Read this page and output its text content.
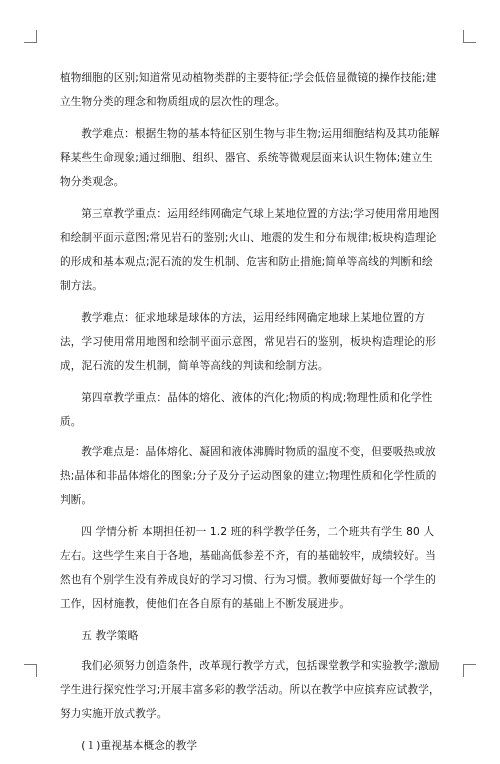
植物细胞的区别;知道常见动植物类群的主要特征;学会低倍显微镜的操作技能;建立生物分类的理念和物质组成的层次性的理念。

教学难点：根据生物的基本特征区别生物与非生物;运用细胞结构及其功能解释某些生命现象;通过细胞、组织、器官、系统等微观层面来认识生物体;建立生物分类观念。

第三章教学重点：运用经纬网确定气球上某地位置的方法;学习使用常用地图和绘制平面示意图;常见岩石的鉴别;火山、地震的发生和分布规律;板块构造理论的形成和基本观点;泥石流的发生机制、危害和防止措施;简单等高线的判断和绘制方法。

教学难点：征求地球是球体的方法，运用经纬网确定地球上某地位置的方法，学习使用常用地图和绘制平面示意图，常见岩石的鉴别，板块构造理论的形成，泥石流的发生机制，简单等高线的判读和绘制方法。

第四章教学重点：晶体的熔化、液体的汽化;物质的构成;物理性质和化学性质。

教学难点是：晶体熔化、凝固和液体沸腾时物质的温度不变，但要吸热或放热;晶体和非晶体熔化的图象;分子及分子运动图象的建立;物理性质和化学性质的判断。

四 学情分析 本期担任初一 1.2 班的科学教学任务，二个班共有学生 80 人左右。这些学生来自于各地，基础高低参差不齐，有的基础较牢，成绩较好。当然也有个别学生没有养成良好的学习习惯、行为习惯。教师要做好每一个学生的工作，因材施教，使他们在各自原有的基础上不断发展进步。

五 教学策略

我们必须努力创造条件，改革现行教学方式，包括课堂教学和实验教学;激励学生进行探究性学习;开展丰富多彩的教学活动。所以在教学中应摈弃应试教学，努力实施开放式教学。

(１)重视基本概念的教学
